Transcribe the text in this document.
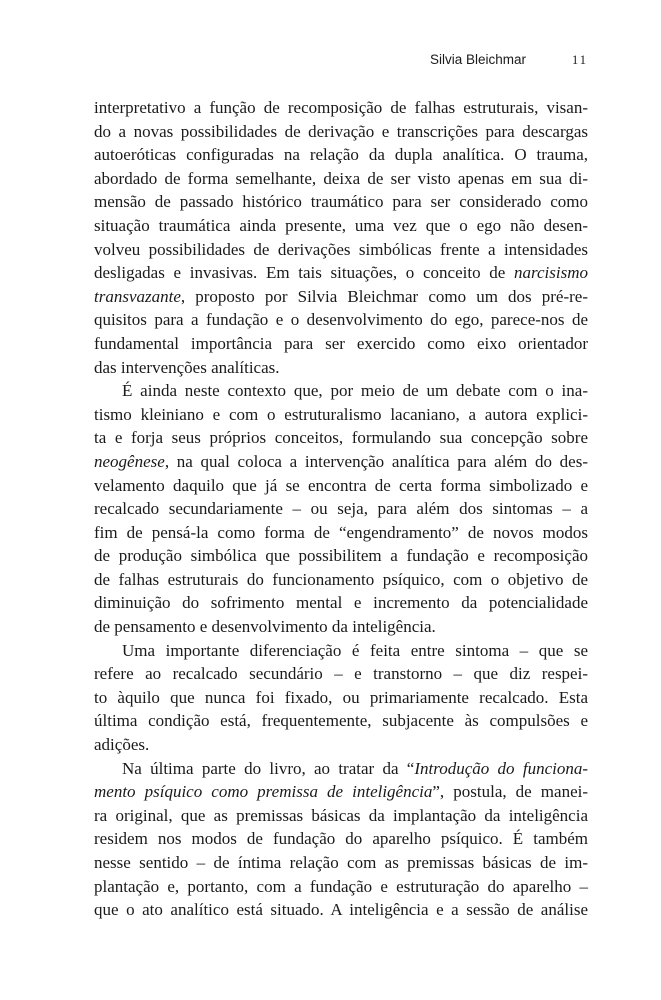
Silvia Bleichmar	11

interpretativo a função de recomposição de falhas estruturais, visan-
do a novas possibilidades de derivação e transcrições para descargas
autoeróticas configuradas na relação da dupla analítica. O trauma,
abordado de forma semelhante, deixa de ser visto apenas em sua di-
mensão de passado histórico traumático para ser considerado como
situação traumática ainda presente, uma vez que o ego não desen-
volveu possibilidades de derivações simbólicas frente a intensidades
desligadas e invasivas. Em tais situações, o conceito de narcisismo
transvazante, proposto por Silvia Bleichmar como um dos pré-re-
quisitos para a fundação e o desenvolvimento do ego, parece-nos de
fundamental importância para ser exercido como eixo orientador
das intervenções analíticas.

É ainda neste contexto que, por meio de um debate com o ina-
tismo kleiniano e com o estruturalismo lacaniano, a autora explici-
ta e forja seus próprios conceitos, formulando sua concepção sobre
neogênese, na qual coloca a intervenção analítica para além do des-
velamento daquilo que já se encontra de certa forma simbolizado e
recalcado secundariamente – ou seja, para além dos sintomas – a
fim de pensá-la como forma de “engendramento” de novos modos
de produção simbólica que possibilitem a fundação e recomposição
de falhas estruturais do funcionamento psíquico, com o objetivo de
diminuição do sofrimento mental e incremento da potencialidade
de pensamento e desenvolvimento da inteligência.

Uma importante diferenciação é feita entre sintoma – que se
refere ao recalcado secundário – e transtorno – que diz respei-
to àquilo que nunca foi fixado, ou primariamente recalcado. Esta
última condição está, frequentemente, subjacente às compulsões e
adições.

Na última parte do livro, ao tratar da “Introdução do funciona-
mento psíquico como premissa de inteligência”, postula, de manei-
ra original, que as premissas básicas da implantação da inteligência
residem nos modos de fundação do aparelho psíquico. É também
nesse sentido – de íntima relação com as premissas básicas de im-
plantação e, portanto, com a fundação e estruturação do aparelho –
que o ato analítico está situado. A inteligência e a sessão de análise
